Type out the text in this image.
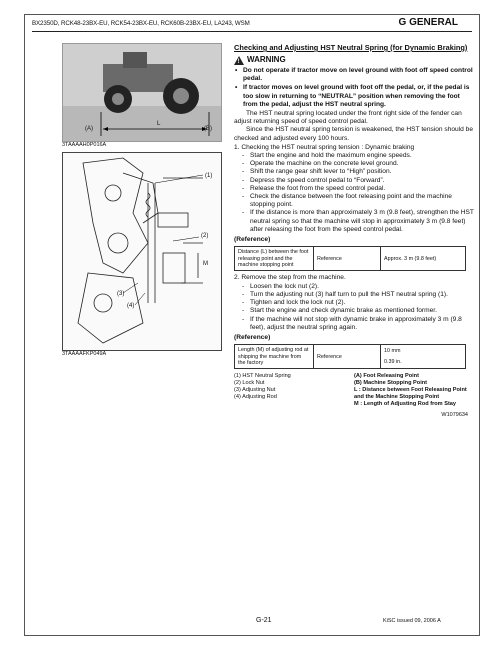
BX2350D, RCK48-23BX-EU, RCK54-23BX-EU, RCK60B-23BX-EU, LA243, WSM	G GENERAL
(A)
L
(B)
3TAAAAH0P016A
(1)
(2)
M
(3)
(4)
3TAAAAFKP049A
Checking and Adjusting HST Neutral Spring (for Dynamic Braking)
!
WARNING
• Do not operate if tractor move on level ground with foot off speed control pedal.
• If tractor moves on level ground with foot off the pedal, or, if the pedal is too slow in returning to “NEUTRAL” position when removing the foot from the pedal, adjust the HST neutral spring.

The HST neutral spring located under the front right side of the fender can adjust returning speed of speed control pedal.

Since the HST neutral spring tension is weakened, the HST tension should be checked and adjusted every 100 hours.

1. Checking the HST neutral spring tension : Dynamic braking

- Start the engine and hold the maximum engine speeds.
- Operate the machine on the concrete level ground.
- Shift the range gear shift lever to “High” position.
- Depress the speed control pedal to “Forward”.
- Release the foot from the speed control pedal.
- Check the distance between the foot releasing point and the machine stopping point.
- If the distance is more than approximately 3 m (9.8 feet), strengthen the HST neutral spring so that the machine will stop in approximately 3 m (9.8 feet) after releasing the foot from the speed control pedal.
(Reference)
Distance (L) between the foot releasing point and the machine stopping point	Reference	Approx. 3 m (9.8 feet)

2. Remove the step from the machine.

- Loosen the lock nut (2).
- Turn the adjusting nut (3) half turn to pull the HST neutral spring (1).
- Tighten and lock the lock nut (2).
- Start the engine and check dynamic brake as mentioned former.
- If the machine will not stop with dynamic brake in approximately 3 m (9.8 feet), adjust the neutral spring again.
(Reference)
Length (M) of adjusting rod at shipping the machine from the factory	Reference	10 mm
0.39 in.
(1) HST Neutral Spring
(2) Lock Nut
(3) Adjusting Nut
(4) Adjusting Rod
(A) Foot Releasing Point
(B) Machine Stopping Point
L : Distance between Foot Releasing Point and the Machine Stopping Point
M : Length of Adjusting Rod from Stay
W1079634
G-21	KiSC issued 09, 2006 A
